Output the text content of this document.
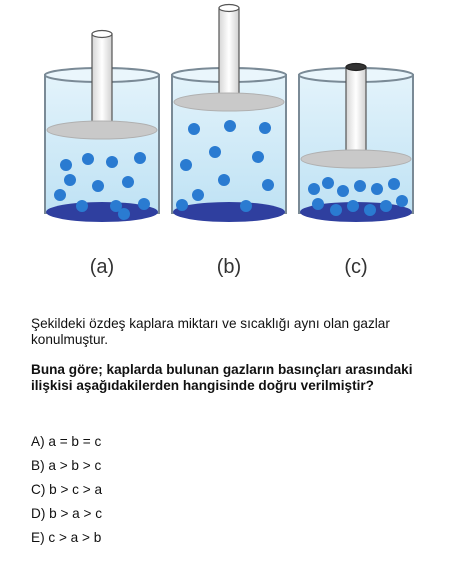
(a)	(b)	(c)
Şekildeki özdeş kaplara miktarı ve sıcaklığı aynı olan gazlar konulmuştur.
Buna göre; kaplarda bulunan gazların basınçları arasındaki ilişkisi aşağıdakilerden hangisinde doğru verilmiştir?
A) a = b = c
B) a > b > c
C) b > c > a
D) b > a > c
E) c > a > b
